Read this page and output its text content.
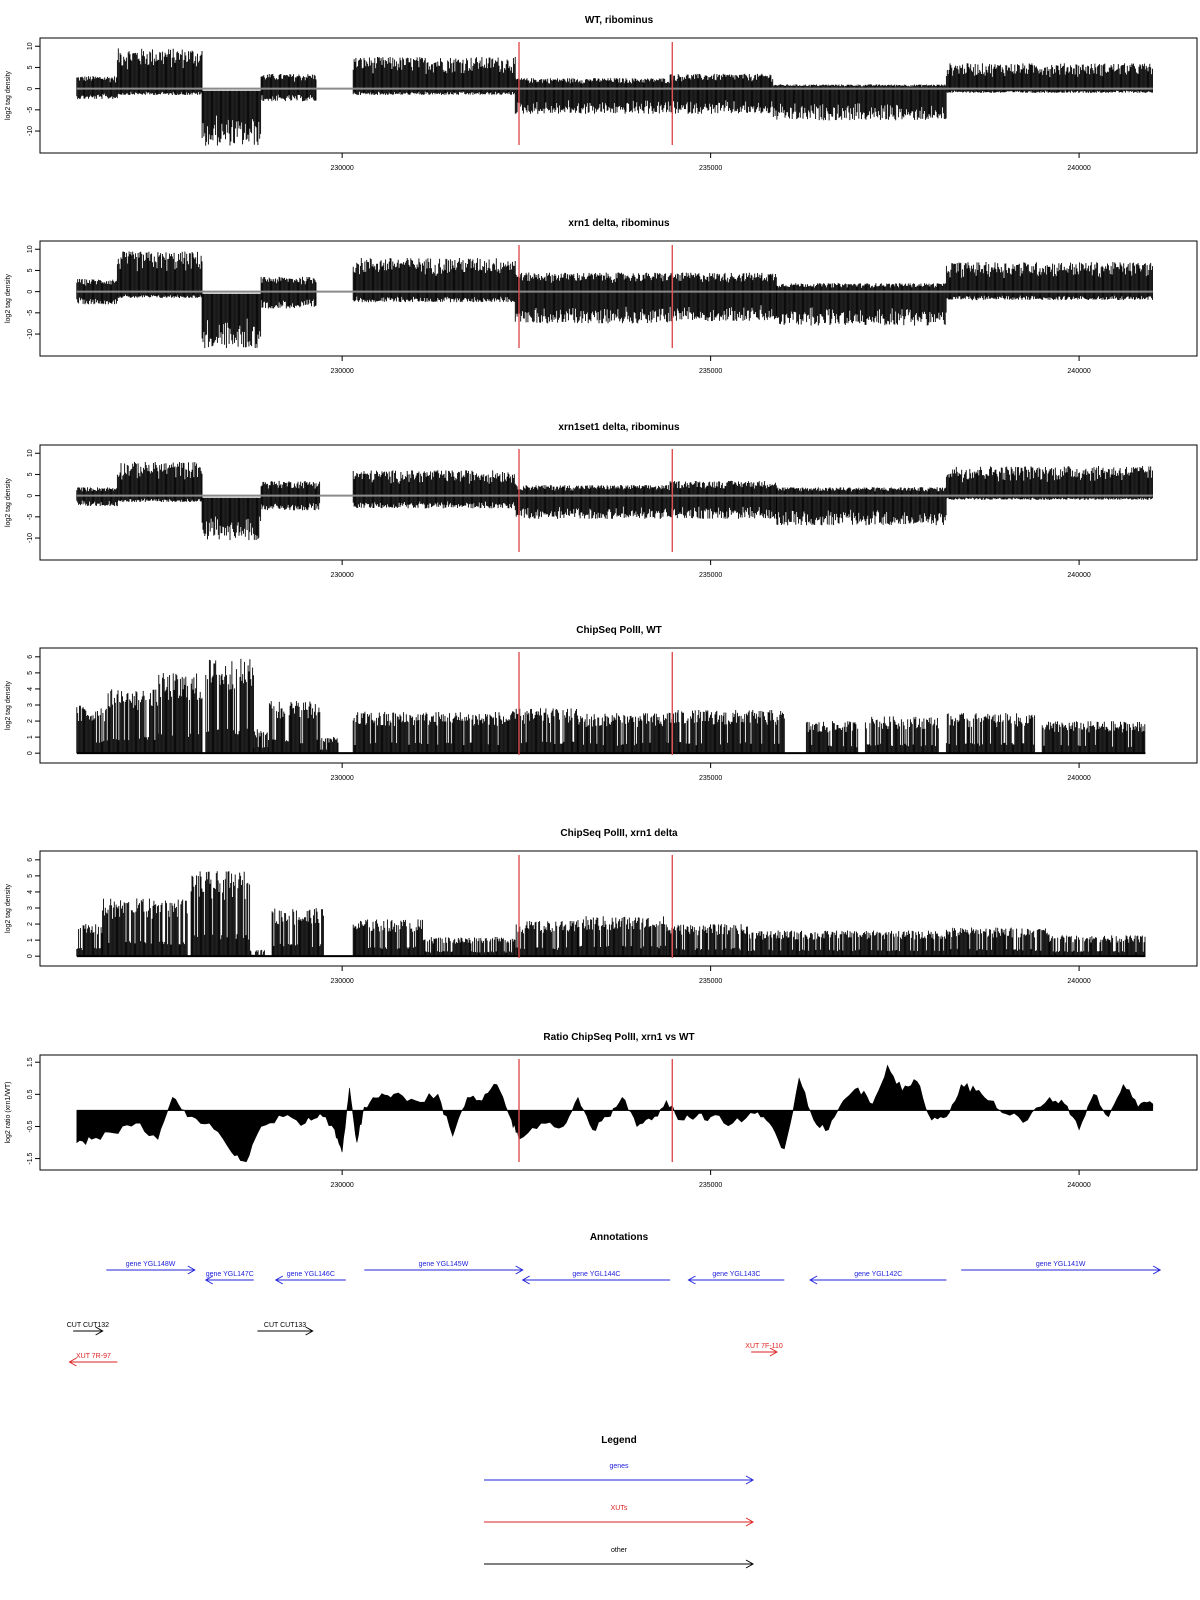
WT, ribominus
-10
-5
0
5
10
230000	235000	240000
log2 tag density
xrn1 delta, ribominus
-10
-5
0
5
10
230000	235000	240000
log2 tag density
xrn1set1 delta, ribominus
-10
-5
0
5
10
230000	235000	240000
log2 tag density
ChipSeq PolII, WT
0
1
2
3
4
5
6
230000	235000	240000
log2 tag density
ChipSeq PolII, xrn1 delta
0
1
2
3
4
5
6
230000	235000	240000
log2 tag density
Ratio ChipSeq PolII, xrn1 vs WT
-1.5
-0.5
0.5
1.5
230000	235000	240000
log2 ratio (xrn1/WT)
Annotations
gene YGL148W
gene YGL147C	gene YGL146C
gene YGL145W
gene YGL144C	gene YGL143C	gene YGL142C
gene YGL141W
CUT CUT132	CUT CUT133
XUT 7R-97
XUT 7F-110
Legend
genes
XUTs
other
